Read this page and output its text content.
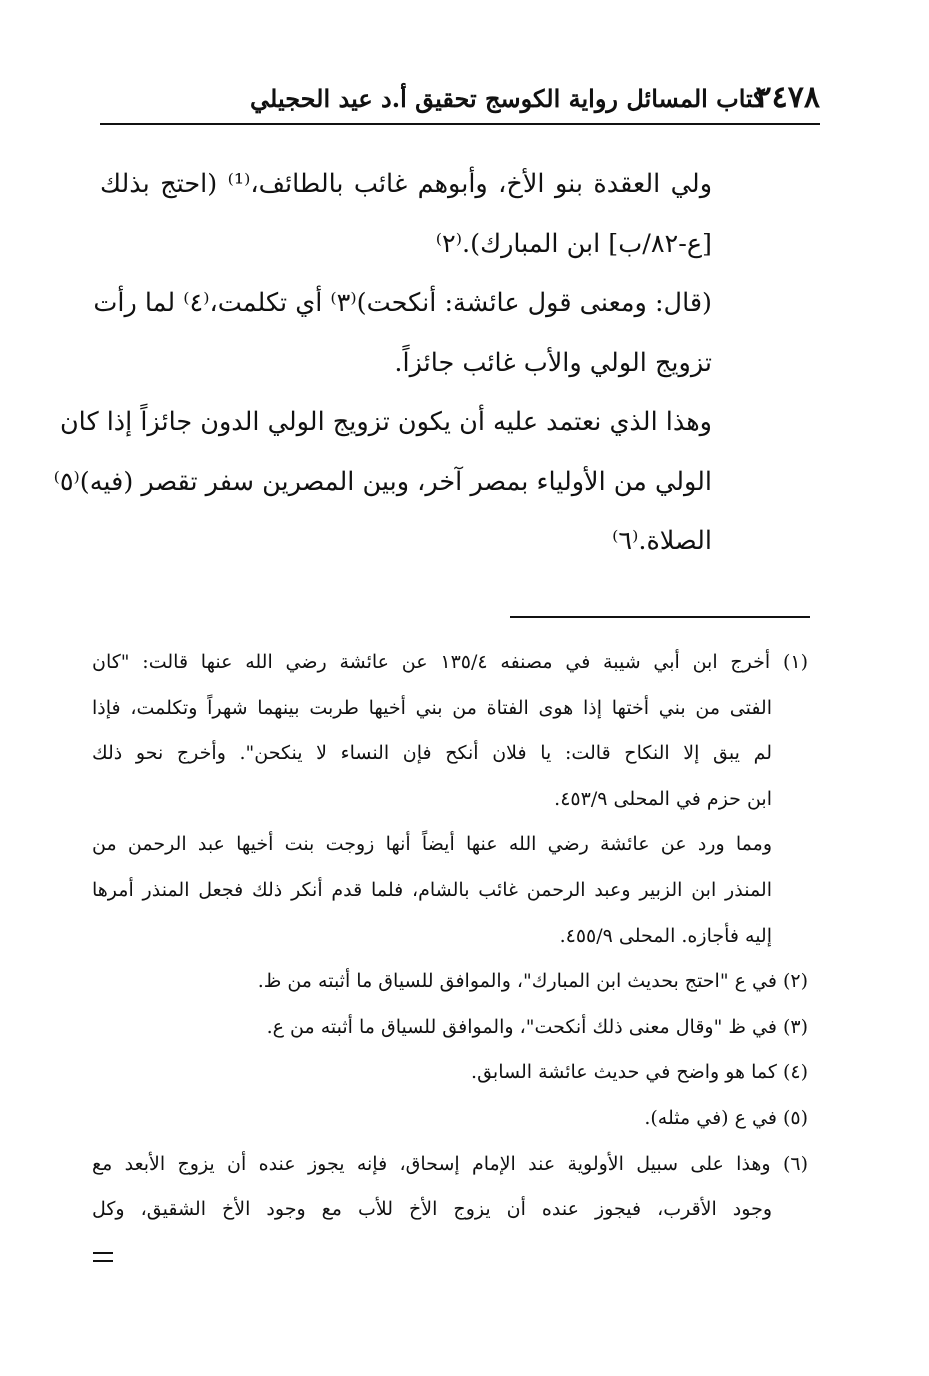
٢٤٧٨
كتاب المسائل رواية الكوسج تحقيق أ.د عيد الحجيلي
ولي العقدة بنو الأخ، وأبوهم غائب بالطائف،⁽¹⁾ (احتج بذلك
[ع-٨٢/ب] ابن المبارك).⁽٢⁾
(قال: ومعنى قول عائشة: أنكحت)⁽٣⁾ أي تكلمت،⁽٤⁾ لما رأت
تزويج الولي والأب غائب جائزاً.
وهذا الذي نعتمد عليه أن يكون تزويج الولي الدون جائزاً إذا كان
الولي من الأولياء بمصر آخر، وبين المصرين سفر تقصر (فيه)⁽٥⁾
الصلاة.⁽٦⁾
(١) أخرج ابن أبي شيبة في مصنفه ١٣٥/٤ عن عائشة رضي الله عنها قالت: "كان
الفتى من بني أختها إذا هوى الفتاة من بني أخيها طربت بينهما شهراً وتكلمت، فإذا
لم يبق إلا النكاح قالت: يا فلان أنكح فإن النساء لا ينكحن". وأخرج نحو ذلك
ابن حزم في المحلى ٤٥٣/٩.
ومما ورد عن عائشة رضي الله عنها أيضاً أنها زوجت بنت أخيها عبد الرحمن من
المنذر ابن الزبير وعبد الرحمن غائب بالشام، فلما قدم أنكر ذلك فجعل المنذر أمرها
إليه فأجازه. المحلى ٤٥٥/٩.
(٢) في ع "احتج بحديث ابن المبارك"، والموافق للسياق ما أثبته من ظ.
(٣) في ظ "وقال معنى ذلك أنكحت"، والموافق للسياق ما أثبته من ع.
(٤) كما هو واضح في حديث عائشة السابق.
(٥) في ع (في مثله).
(٦) وهذا على سبيل الأولوية عند الإمام إسحاق، فإنه يجوز عنده أن يزوج الأبعد مع
وجود الأقرب، فيجوز عنده أن يزوج الأخ للأب مع وجود الأخ الشقيق، وكل
